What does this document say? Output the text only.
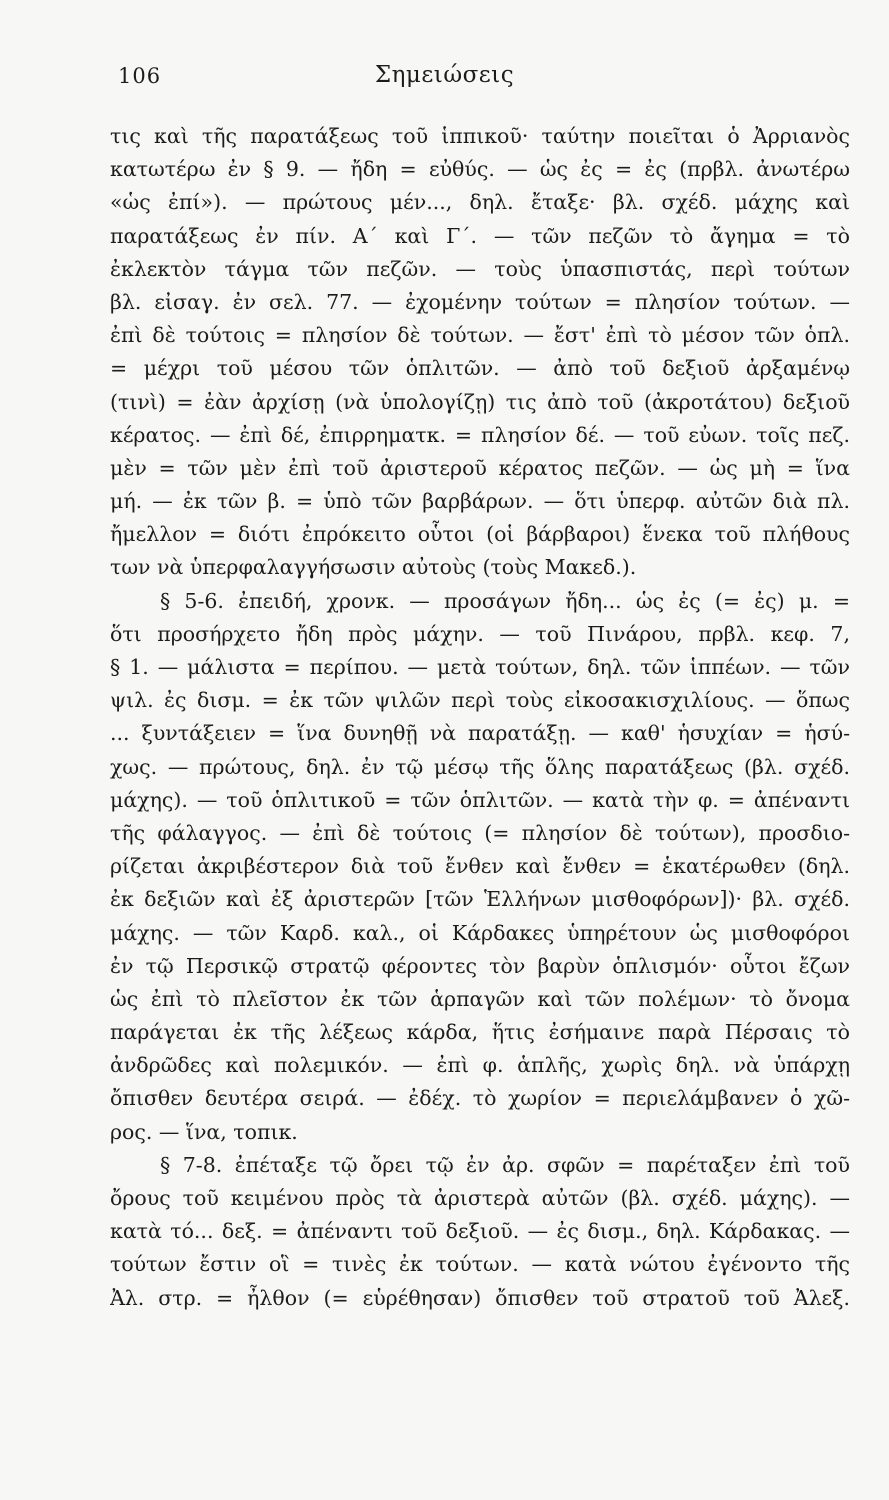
106	Σημειώσεις
τις καὶ τῆς παρατάξεως τοῦ ἱππικοῦ· ταύτην ποιεῖται ὁ Ἀρριανὸς
κατωτέρω ἐν § 9. — ἤδη = εὐθύς. — ὡς ἐς = ἐς (πρβλ. ἀνωτέρω
«ὡς ἐπί»). — πρώτους μέν..., δηλ. ἔταξε· βλ. σχέδ. μάχης καὶ
παρατάξεως ἐν πίν. Α΄ καὶ Γ΄. — τῶν πεζῶν τὸ ἄγημα = τὸ
ἐκλεκτὸν τάγμα τῶν πεζῶν. — τοὺς ὑπασπιστάς, περὶ τούτων
βλ. εἰσαγ. ἐν σελ. 77. — ἐχομένην τούτων = πλησίον τούτων. —
ἐπὶ δὲ τούτοις = πλησίον δὲ τούτων. — ἔστ' ἐπὶ τὸ μέσον τῶν ὁπλ.
= μέχρι τοῦ μέσου τῶν ὁπλιτῶν. — ἀπὸ τοῦ δεξιοῦ ἀρξαμένῳ
(τινὶ) = ἐὰν ἀρχίσῃ (νὰ ὑπολογίζῃ) τις ἀπὸ τοῦ (ἀκροτάτου) δεξιοῦ
κέρατος. — ἐπὶ δέ, ἐπιρρηματκ. = πλησίον δέ. — τοῦ εὐων. τοῖς πεζ.
μὲν = τῶν μὲν ἐπὶ τοῦ ἀριστεροῦ κέρατος πεζῶν. — ὡς μὴ = ἵνα
μή. — ἐκ τῶν β. = ὑπὸ τῶν βαρβάρων. — ὅτι ὑπερφ. αὐτῶν διὰ πλ.
ἤμελλον = διότι ἐπρόκειτο οὗτοι (οἱ βάρβαροι) ἕνεκα τοῦ πλήθους
των νὰ ὑπερφαλαγγήσωσιν αὐτοὺς (τοὺς Μακεδ.).
§ 5-6. ἐπειδή, χρονκ. — προσάγων ἤδη... ὡς ἐς (= ἐς) μ. =
ὅτι προσήρχετο ἤδη πρὸς μάχην. — τοῦ Πινάρου, πρβλ. κεφ. 7,
§ 1. — μάλιστα = περίπου. — μετὰ τούτων, δηλ. τῶν ἱππέων. — τῶν
ψιλ. ἐς δισμ. = ἐκ τῶν ψιλῶν περὶ τοὺς εἰκοσακισχιλίους. — ὅπως
... ξυντάξειεν = ἵνα δυνηθῇ νὰ παρατάξῃ. — καθ' ἡσυχίαν = ἡσύ-
χως. — πρώτους, δηλ. ἐν τῷ μέσῳ τῆς ὅλης παρατάξεως (βλ. σχέδ.
μάχης). — τοῦ ὁπλιτικοῦ = τῶν ὁπλιτῶν. — κατὰ τὴν φ. = ἀπέναντι
τῆς φάλαγγος. — ἐπὶ δὲ τούτοις (= πλησίον δὲ τούτων), προσδιο-
ρίζεται ἀκριβέστερον διὰ τοῦ ἔνθεν καὶ ἔνθεν = ἑκατέρωθεν (δηλ.
ἐκ δεξιῶν καὶ ἐξ ἀριστερῶν [τῶν Ἑλλήνων μισθοφόρων])· βλ. σχέδ.
μάχης. — τῶν Καρδ. καλ., οἱ Κάρδακες ὑπηρέτουν ὡς μισθοφόροι
ἐν τῷ Περσικῷ στρατῷ φέροντες τὸν βαρὺν ὁπλισμόν· οὗτοι ἔζων
ὡς ἐπὶ τὸ πλεῖστον ἐκ τῶν ἁρπαγῶν καὶ τῶν πολέμων· τὸ ὄνομα
παράγεται ἐκ τῆς λέξεως κάρδα, ἥτις ἐσήμαινε παρὰ Πέρσαις τὸ
ἀνδρῶδες καὶ πολεμικόν. — ἐπὶ φ. ἁπλῆς, χωρὶς δηλ. νὰ ὑπάρχῃ
ὄπισθεν δευτέρα σειρά. — ἐδέχ. τὸ χωρίον = περιελάμβανεν ὁ χῶ-
ρος. — ἵνα, τοπικ.
§ 7-8. ἐπέταξε τῷ ὄρει τῷ ἐν ἀρ. σφῶν = παρέταξεν ἐπὶ τοῦ
ὄρους τοῦ κειμένου πρὸς τὰ ἀριστερὰ αὐτῶν (βλ. σχέδ. μάχης). —
κατὰ τό... δεξ. = ἀπέναντι τοῦ δεξιοῦ. — ἐς δισμ., δηλ. Κάρδακας. —
τούτων ἔστιν οἳ = τινὲς ἐκ τούτων. — κατὰ νώτου ἐγένοντο τῆς
Ἀλ. στρ. = ἦλθον (= εὑρέθησαν) ὄπισθεν τοῦ στρατοῦ τοῦ Ἀλεξ.
